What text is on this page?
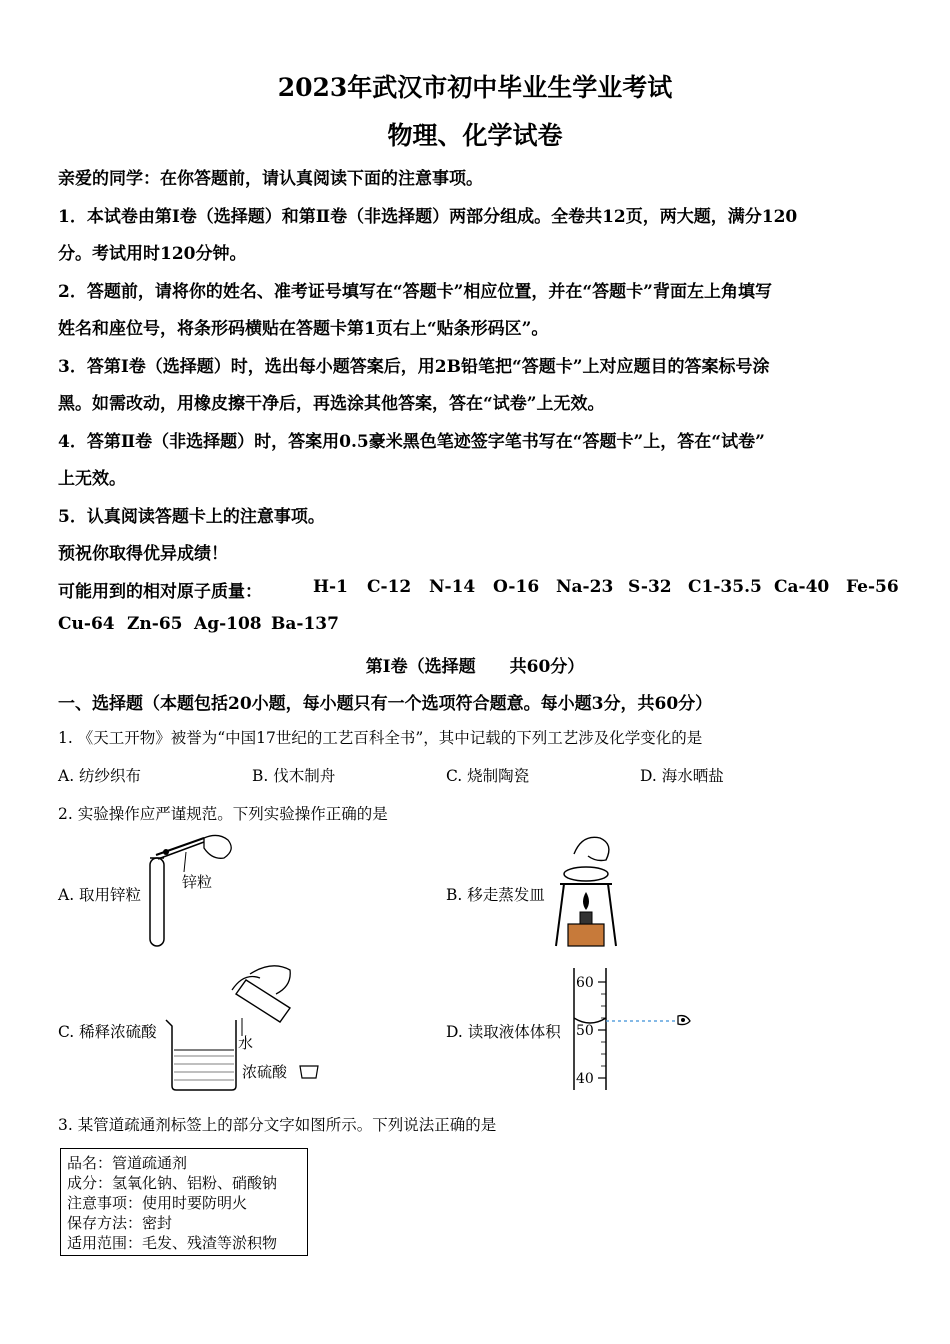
2023年武汉市初中毕业生学业考试
物理、化学试卷
亲爱的同学：在你答题前，请认真阅读下面的注意事项。
1．本试卷由第I卷（选择题）和第Ⅱ卷（非选择题）两部分组成。全卷共12页，两大题，满分120
分。考试用时120分钟。
2．答题前，请将你的姓名、准考证号填写在“答题卡”相应位置，并在“答题卡”背面左上角填写
姓名和座位号，将条形码横贴在答题卡第1页右上“贴条形码区”。
3．答第I卷（选择题）时，选出每小题答案后，用2B铅笔把“答题卡”上对应题目的答案标号涂
黑。如需改动，用橡皮擦干净后，再选涂其他答案，答在“试卷”上无效。
4．答第Ⅱ卷（非选择题）时，答案用0.5豪米黑色笔迹签字笔书写在“答题卡”上，答在“试卷”
上无效。
5．认真阅读答题卡上的注意事项。
预祝你取得优异成绩！
可能用到的相对原子质量：	H-1 C-12 N-14 O-16 Na-23 S-32 C1-35.5 Ca-40 Fe-56
Cu-64 Zn-65 Ag-108 Ba-137
第I卷（选择题　　共60分）
一、选择题（本题包括20小题，每小题只有一个选项符合题意。每小题3分，共60分）
1. 《天工开物》被誉为“中国17世纪的工艺百科全书”，其中记载的下列工艺涉及化学变化的是
A. 纺纱织布	B. 伐木制舟	C. 烧制陶瓷	D. 海水晒盐
2. 实验操作应严谨规范。下列实验操作正确的是
A. 取用锌粒
锌粒
B. 移走蒸发皿
C. 稀释浓硫酸
水
浓硫酸
D. 读取液体体积
60
50
40
3. 某管道疏通剂标签上的部分文字如图所示。下列说法正确的是
品名：管道疏通剂
成分：氢氧化钠、铝粉、硝酸钠
注意事项：使用时要防明火
保存方法：密封
适用范围：毛发、残渣等淤积物
